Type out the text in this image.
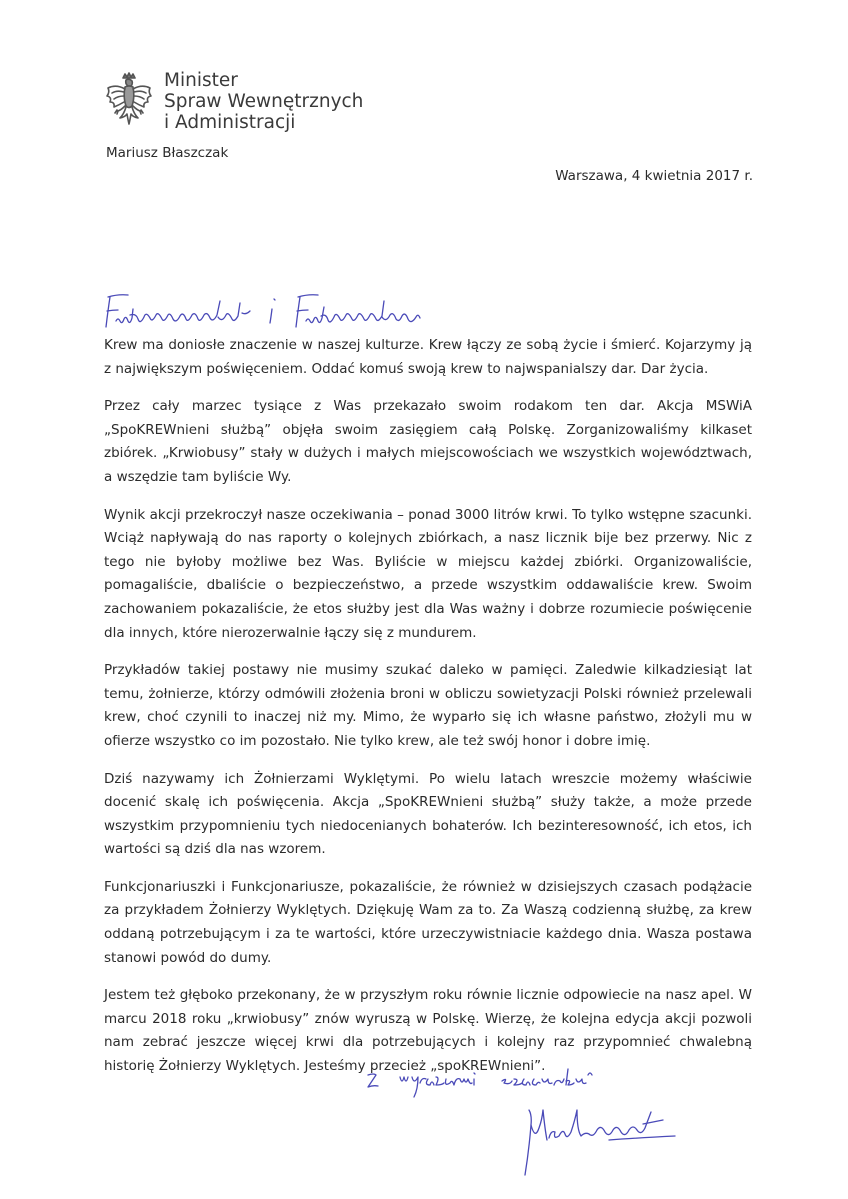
Minister
Spraw Wewnętrznych
i Administracji
Mariusz Błaszczak
Warszawa, 4 kwietnia 2017 r.

Krew ma doniosłe znaczenie w naszej kulturze. Krew łączy ze sobą życie i śmierć. Kojarzymy ją z największym poświęceniem. Oddać komuś swoją krew to najwspanialszy dar. Dar życia.

Przez cały marzec tysiące z Was przekazało swoim rodakom ten dar. Akcja MSWiA „SpoKREWnieni służbą” objęła swoim zasięgiem całą Polskę. Zorganizowaliśmy kilkaset zbiórek. „Krwiobusy” stały w dużych i małych miejscowościach we wszystkich województwach, a wszędzie tam byliście Wy.

Wynik akcji przekroczył nasze oczekiwania – ponad 3000 litrów krwi. To tylko wstępne szacunki. Wciąż napływają do nas raporty o kolejnych zbiórkach, a nasz licznik bije bez przerwy. Nic z tego nie byłoby możliwe bez Was. Byliście w miejscu każdej zbiórki. Organizowaliście, pomagaliście, dbaliście o bezpieczeństwo, a przede wszystkim oddawaliście krew. Swoim zachowaniem pokazaliście, że etos służby jest dla Was ważny i dobrze rozumiecie poświęcenie dla innych, które nierozerwalnie łączy się z mundurem.

Przykładów takiej postawy nie musimy szukać daleko w pamięci. Zaledwie kilkadziesiąt lat temu, żołnierze, którzy odmówili złożenia broni w obliczu sowietyzacji Polski również przelewali krew, choć czynili to inaczej niż my. Mimo, że wyparło się ich własne państwo, złożyli mu w ofierze wszystko co im pozostało. Nie tylko krew, ale też swój honor i dobre imię.

Dziś nazywamy ich Żołnierzami Wyklętymi. Po wielu latach wreszcie możemy właściwie docenić skalę ich poświęcenia. Akcja „SpoKREWnieni służbą” służy także, a może przede wszystkim przypomnieniu tych niedocenianych bohaterów. Ich bezinteresowność, ich etos, ich wartości są dziś dla nas wzorem.

Funkcjonariuszki i Funkcjonariusze, pokazaliście, że również w dzisiejszych czasach podążacie za przykładem Żołnierzy Wyklętych. Dziękuję Wam za to. Za Waszą codzienną służbę, za krew oddaną potrzebującym i za te wartości, które urzeczywistniacie każdego dnia. Wasza postawa stanowi powód do dumy.

Jestem też głęboko przekonany, że w przyszłym roku równie licznie odpowiecie na nasz apel. W marcu 2018 roku „krwiobusy” znów wyruszą w Polskę. Wierzę, że kolejna edycja akcji pozwoli nam zebrać jeszcze więcej krwi dla potrzebujących i kolejny raz przypomnieć chwalebną historię Żołnierzy Wyklętych. Jesteśmy przecież „spoKREWnieni”.
